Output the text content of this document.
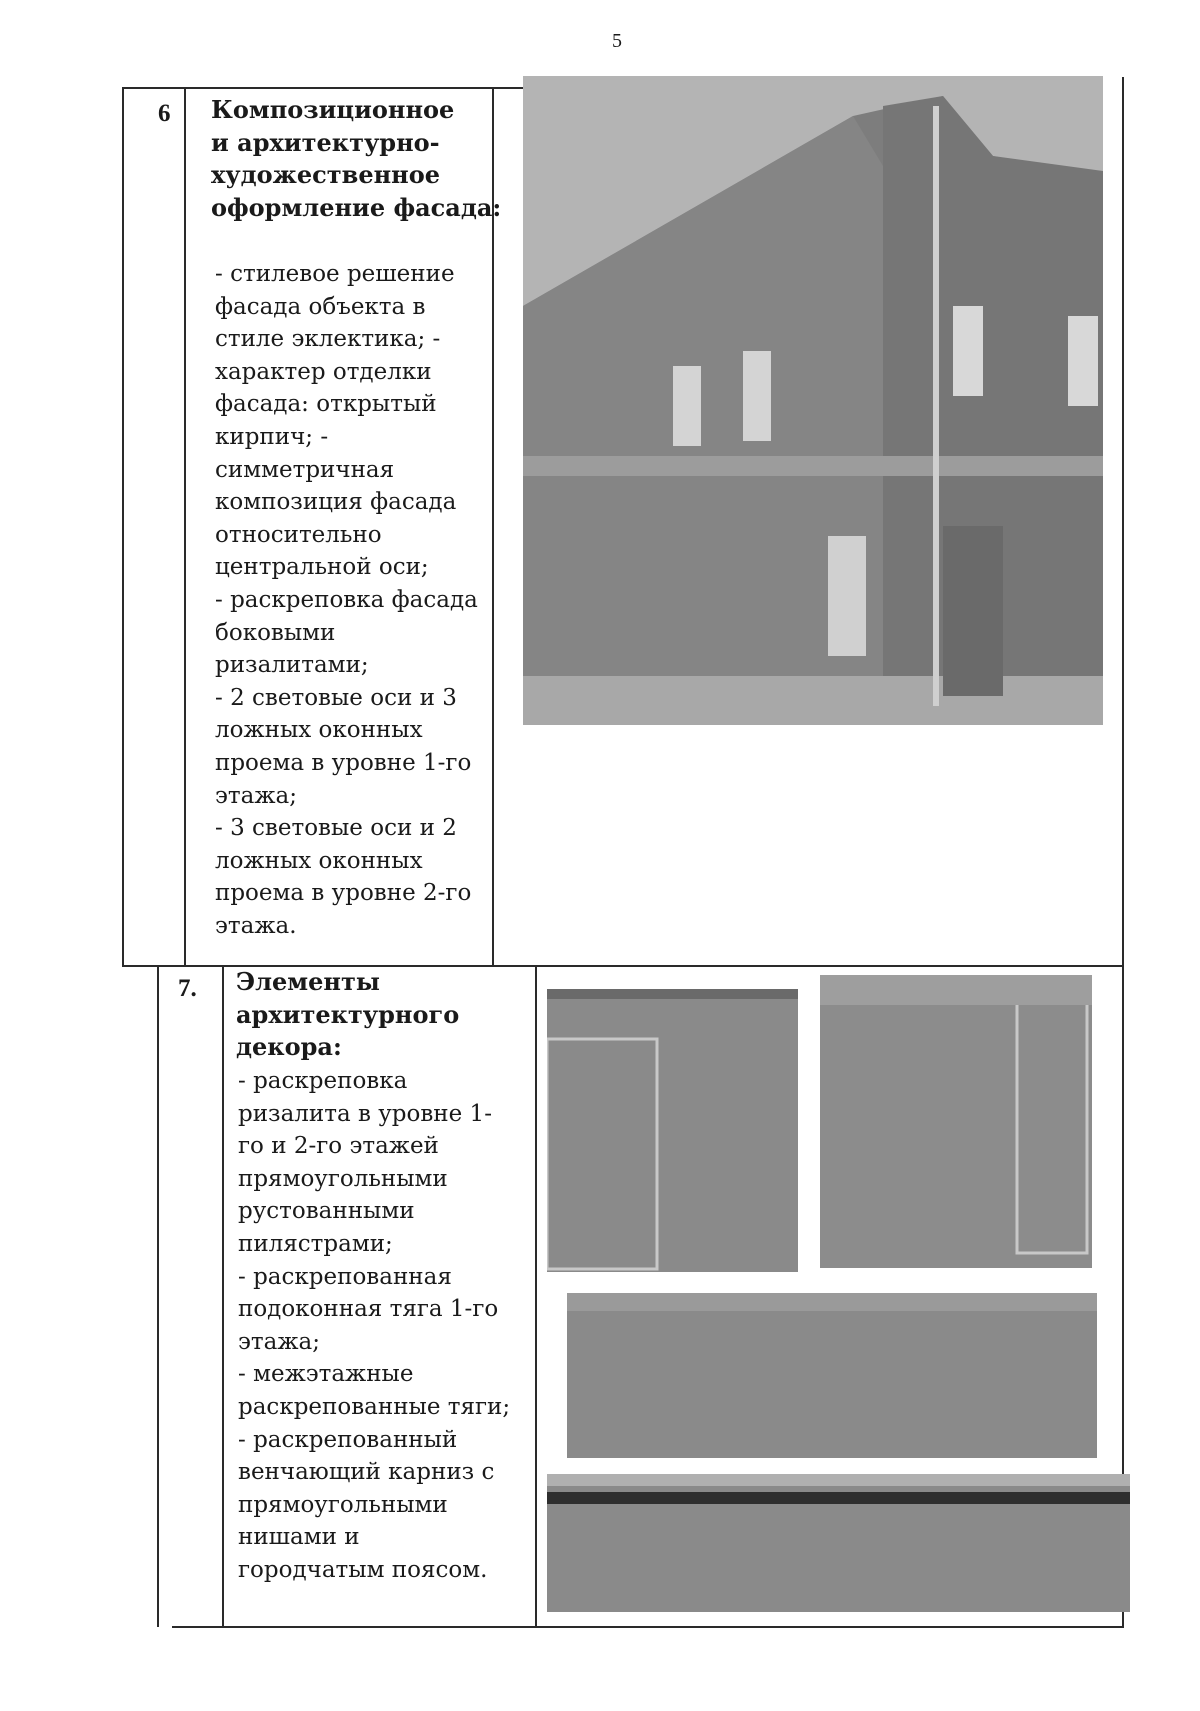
5
6 Композиционное
и архитектурно-
художественное
оформление фасада:
- стилевое решение
фасада объекта в
стиле эклектика; -
характер отделки
фасада: открытый
кирпич; -
симметричная
композиция фасада
относительно
центральной оси;
- раскреповка фасада
боковыми
ризалитами;
- 2 световые оси и 3
ложных оконных
проема в уровне 1-го
этажа;
- 3 световые оси и 2
ложных оконных
проема в уровне 2-го
этажа.
7. Элементы
архитектурного
декора:
- раскреповка
ризалита в уровне 1-
го и 2-го этажей
прямоугольными
рустованными
пилястрами;
- раскрепованная
подоконная тяга 1-го
этажа;
- межэтажные
раскрепованные тяги;
- раскрепованный
венчающий карниз с
прямоугольными
нишами и
городчатым поясом.
